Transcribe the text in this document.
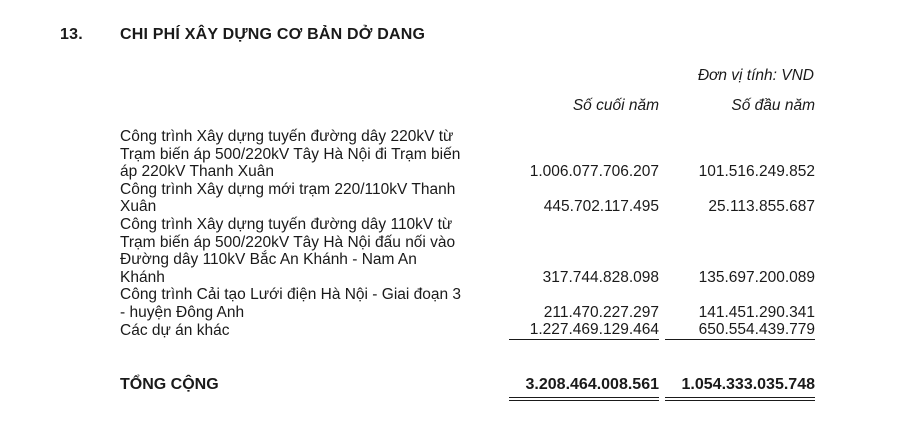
13. CHI PHÍ XÂY DỰNG CƠ BẢN DỞ DANG
Đơn vị tính: VND
Số cuối năm	Số đầu năm
Công trình Xây dựng tuyến đường dây 220kV từ
Trạm biến áp 500/220kV Tây Hà Nội đi Trạm biến
áp 220kV Thanh Xuân	1.006.077.706.207	101.516.249.852
Công trình Xây dựng mới trạm 220/110kV Thanh
Xuân	445.702.117.495	25.113.855.687
Công trình Xây dựng tuyến đường dây 110kV từ
Trạm biến áp 500/220kV Tây Hà Nội đấu nối vào
Đường dây 110kV Bắc An Khánh - Nam An
Khánh	317.744.828.098	135.697.200.089
Công trình Cải tạo Lưới điện Hà Nội - Giai đoạn 3
- huyện Đông Anh	211.470.227.297	141.451.290.341
Các dự án khác	1.227.469.129.464	650.554.439.779
TỔNG CỘNG	3.208.464.008.561	1.054.333.035.748
